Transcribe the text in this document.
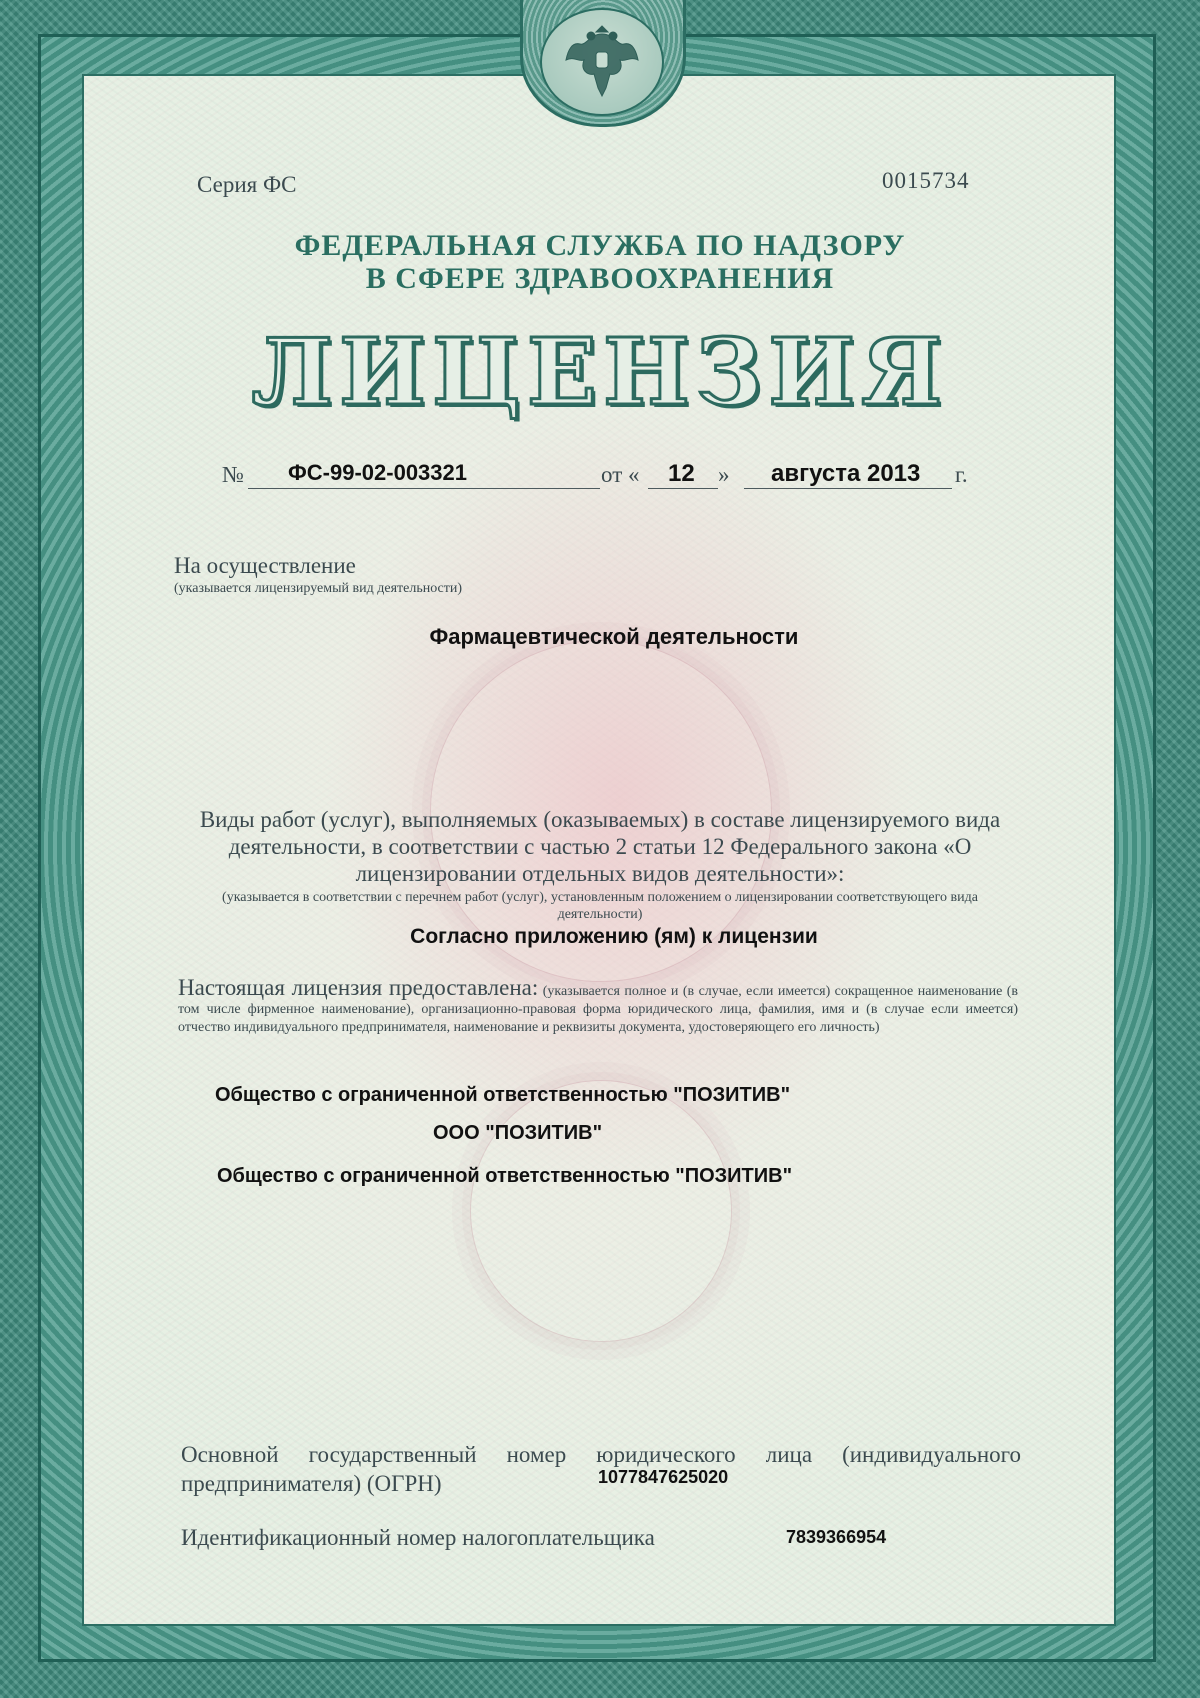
Серия ФС	0015734

ФЕДЕРАЛЬНАЯ СЛУЖБА ПО НАДЗОРУ

В СФЕРЕ ЗДРАВООХРАНЕНИЯ

ЛИЦЕНЗИЯ

№ ФС-99-02-003321	от « 12 » августа 2013 г.

На осуществление

(указывается лицензируемый вид деятельности)

Фармацевтической деятельности

Виды работ (услуг), выполняемых (оказываемых) в составе лицензируемого вида деятельности, в соответствии с частью 2 статьи 12 Федерального закона «О лицензировании отдельных видов деятельности»:

(указывается в соответствии с перечнем работ (услуг), установленным положением о лицензировании соответствующего вида деятельности)

Согласно приложению (ям) к лицензии

Настоящая лицензия предоставлена: (указывается полное и (в случае, если имеется) сокращенное наименование (в том числе фирменное наименование), организационно-правовая форма юридического лица, фамилия, имя и (в случае если имеется) отчество индивидуального предпринимателя, наименование и реквизиты документа, удостоверяющего его личность)

Общество с ограниченной ответственностью "ПОЗИТИВ"

ООО "ПОЗИТИВ"

Общество с ограниченной ответственностью "ПОЗИТИВ"

Основной государственный номер юридического лица (индивидуального предпринимателя) (ОГРН)	1077847625020

Идентификационный номер налогоплательщика	7839366954
